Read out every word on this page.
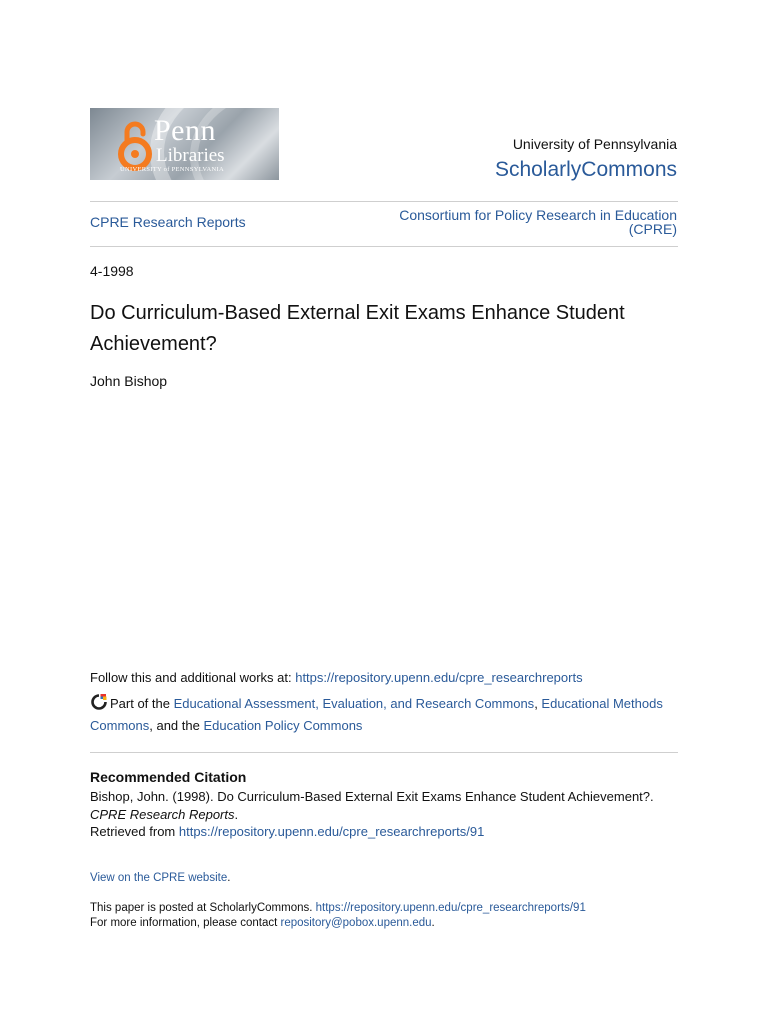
Penn
Libraries
UNIVERSITY of PENNSYLVANIA
University of Pennsylvania
ScholarlyCommons
CPRE Research Reports	Consortium for Policy Research in Education
(CPRE)
4-1998
Do Curriculum-Based External Exit Exams Enhance Student Achievement?
John Bishop
Follow this and additional works at: https://repository.upenn.edu/cpre_researchreports
Part of the Educational Assessment, Evaluation, and Research Commons, Educational Methods Commons, and the Education Policy Commons
Recommended Citation
Bishop, John. (1998). Do Curriculum-Based External Exit Exams Enhance Student Achievement?. CPRE Research Reports.
Retrieved from https://repository.upenn.edu/cpre_researchreports/91
View on the CPRE website.
This paper is posted at ScholarlyCommons. https://repository.upenn.edu/cpre_researchreports/91
For more information, please contact repository@pobox.upenn.edu.
